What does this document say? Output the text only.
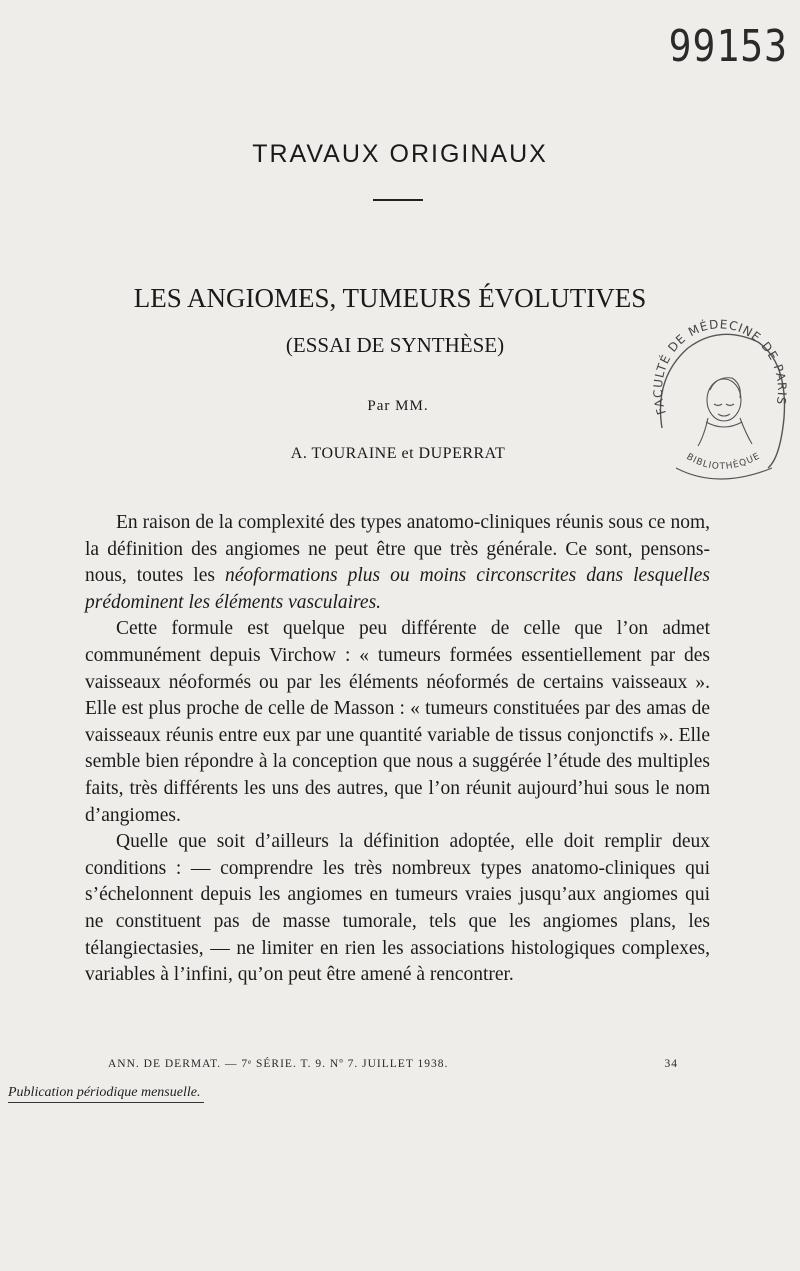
99153
TRAVAUX ORIGINAUX
LES ANGIOMES, TUMEURS ÉVOLUTIVES
(ESSAI DE SYNTHÈSE)
Par MM.
A. TOURAINE et DUPERRAT
FACULTÉ DE MÉDECINE DE PARIS
BIBLIOTHÈQUE

En raison de la complexité des types anatomo-cliniques réunis sous ce nom, la définition des angiomes ne peut être que très générale. Ce sont, pensons-nous, toutes les néoformations plus ou moins circonscrites dans lesquelles prédominent les éléments vasculaires.

Cette formule est quelque peu différente de celle que l’on admet communément depuis Virchow : « tumeurs formées essentiellement par des vaisseaux néoformés ou par les éléments néoformés de certains vaisseaux ». Elle est plus proche de celle de Masson : « tumeurs constituées par des amas de vaisseaux réunis entre eux par une quantité variable de tissus conjonctifs ». Elle semble bien répondre à la conception que nous a suggérée l’étude des multiples faits, très différents les uns des autres, que l’on réunit aujourd’hui sous le nom d’angiomes.

Quelle que soit d’ailleurs la définition adoptée, elle doit remplir deux conditions : — comprendre les très nombreux types anatomo-cliniques qui s’échelonnent depuis les angiomes en tumeurs vraies jusqu’aux angiomes qui ne constituent pas de masse tumorale, tels que les angiomes plans, les télangiectasies, — ne limiter en rien les associations histologiques complexes, variables à l’infini, qu’on peut être amené à rencontrer.

ANN. DE DERMAT. — 7ᵉ SÉRIE. T. 9. Nº 7. JUILLET 1938.	34
Publication périodique mensuelle.
